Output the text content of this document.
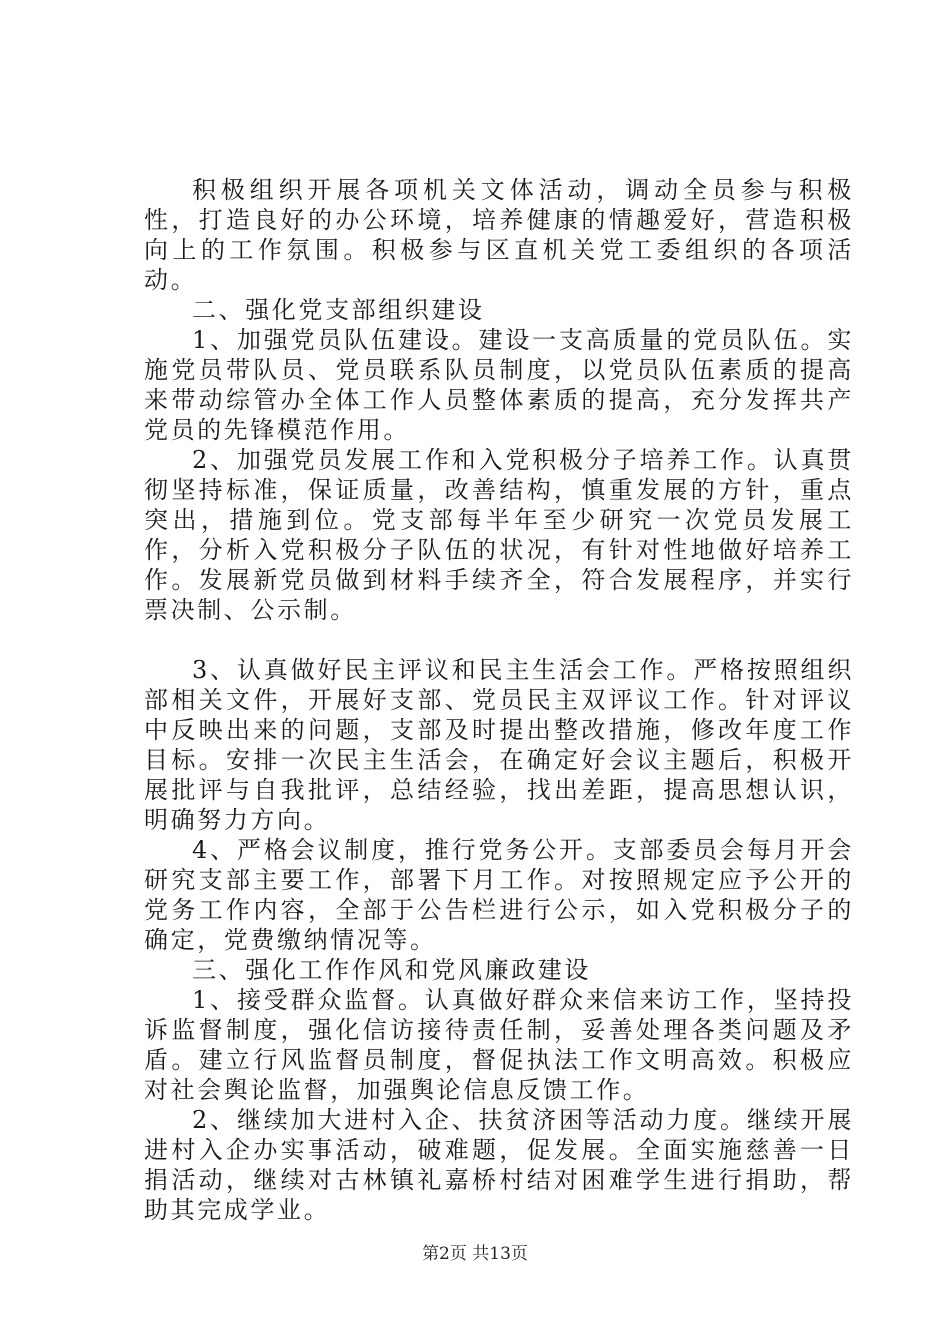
积极组织开展各项机关文体活动，调动全员参与积极性，打造良好的办公环境，培养健康的情趣爱好，营造积极向上的工作氛围。积极参与区直机关党工委组织的各项活动。

二、强化党支部组织建设

1、加强党员队伍建设。建设一支高质量的党员队伍。实施党员带队员、党员联系队员制度，以党员队伍素质的提高来带动综管办全体工作人员整体素质的提高，充分发挥共产党员的先锋模范作用。

2、加强党员发展工作和入党积极分子培养工作。认真贯彻坚持标准，保证质量，改善结构，慎重发展的方针，重点突出，措施到位。党支部每半年至少研究一次党员发展工作，分析入党积极分子队伍的状况，有针对性地做好培养工作。发展新党员做到材料手续齐全，符合发展程序，并实行票决制、公示制。

3、认真做好民主评议和民主生活会工作。严格按照组织部相关文件，开展好支部、党员民主双评议工作。针对评议中反映出来的问题，支部及时提出整改措施，修改年度工作目标。安排一次民主生活会，在确定好会议主题后，积极开展批评与自我批评，总结经验，找出差距，提高思想认识，明确努力方向。

4、严格会议制度，推行党务公开。支部委员会每月开会研究支部主要工作，部署下月工作。对按照规定应予公开的党务工作内容，全部于公告栏进行公示，如入党积极分子的确定，党费缴纳情况等。

三、强化工作作风和党风廉政建设

1、接受群众监督。认真做好群众来信来访工作，坚持投诉监督制度，强化信访接待责任制，妥善处理各类问题及矛盾。建立行风监督员制度，督促执法工作文明高效。积极应对社会舆论监督，加强舆论信息反馈工作。

2、继续加大进村入企、扶贫济困等活动力度。继续开展进村入企办实事活动，破难题，促发展。全面实施慈善一日捐活动，继续对古林镇礼嘉桥村结对困难学生进行捐助，帮助其完成学业。

第2页 共13页
